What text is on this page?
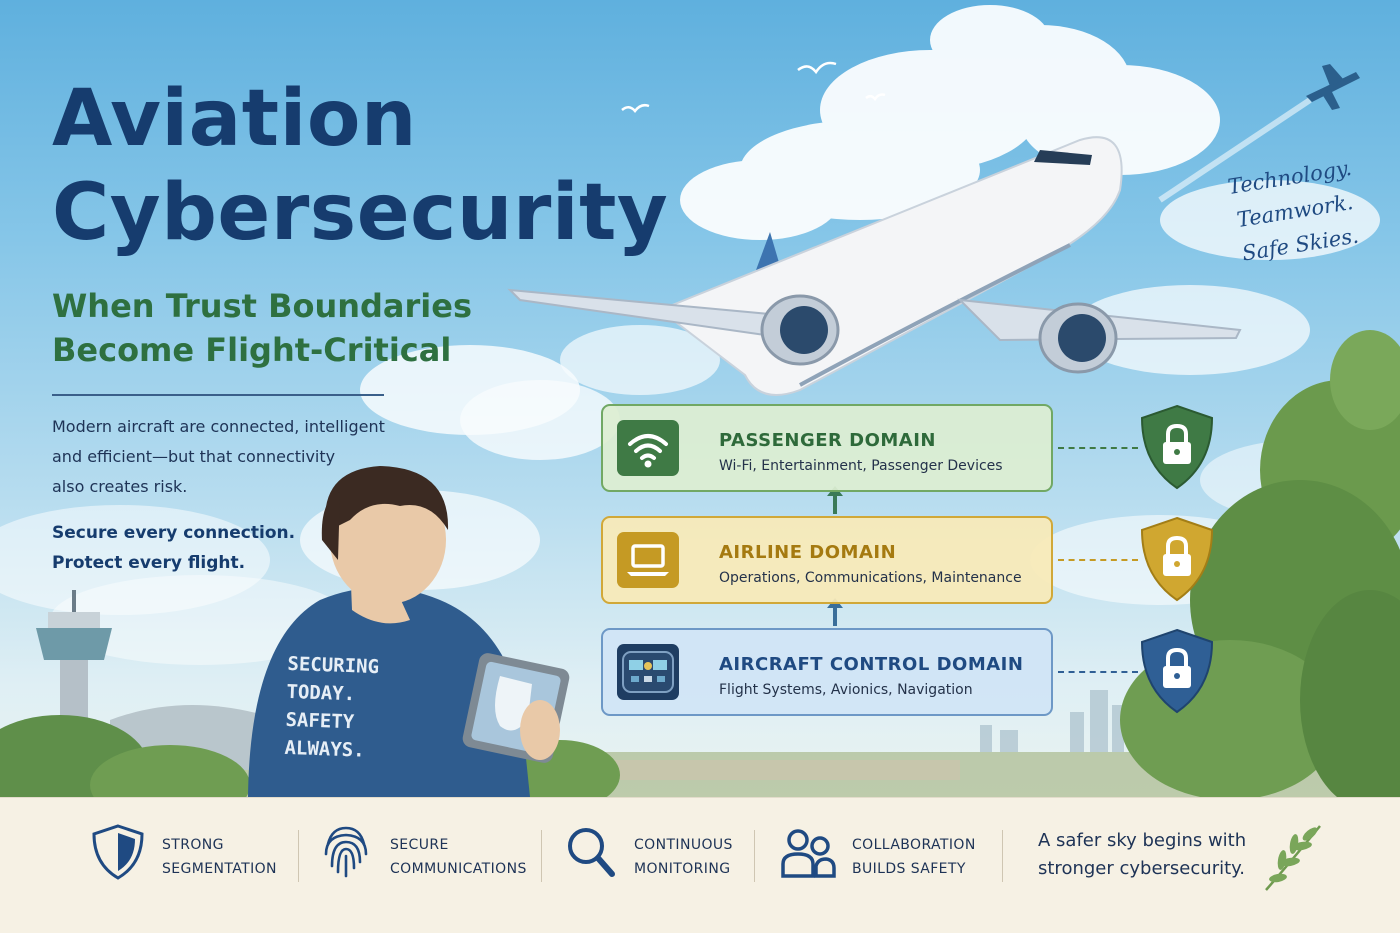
Aviation
Cybersecurity
When Trust Boundaries
Become Flight-Critical
Modern aircraft are connected, intelligent
and efficient—but that connectivity
also creates risk.
Secure every connection.
Protect every flight.
Technology.
Teamwork.
Safe Skies.
SECURING
TODAY.
SAFETY
ALWAYS.
PASSENGER DOMAIN
Wi-Fi, Entertainment, Passenger Devices
AIRLINE DOMAIN
Operations, Communications, Maintenance
AIRCRAFT CONTROL DOMAIN
Flight Systems, Avionics, Navigation
STRONG
SEGMENTATION
SECURE
COMMUNICATIONS
CONTINUOUS
MONITORING
COLLABORATION
BUILDS SAFETY
A safer sky begins with
stronger cybersecurity.
